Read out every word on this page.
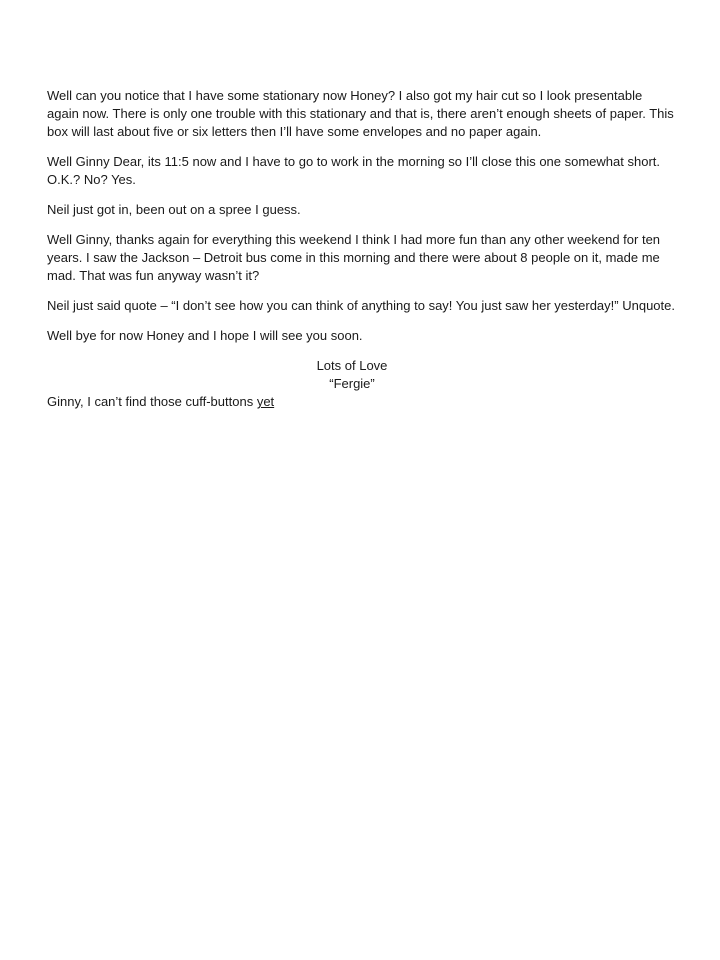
Well can you notice that I have some stationary now Honey? I also got my hair cut so I look presentable again now. There is only one trouble with this stationary and that is, there aren’t enough sheets of paper. This box will last about five or six letters then I’ll have some envelopes and no paper again.

Well Ginny Dear, its 11:5 now and I have to go to work in the morning so I’ll close this one somewhat short. O.K.? No? Yes.

Neil just got in, been out on a spree I guess.

Well Ginny, thanks again for everything this weekend I think I had more fun than any other weekend for ten years. I saw the Jackson – Detroit bus come in this morning and there were about 8 people on it, made me mad. That was fun anyway wasn’t it?

Neil just said quote – “I don’t see how you can think of anything to say! You just saw her yesterday!” Unquote.

Well bye for now Honey and I hope I will see you soon.

Lots of Love

“Fergie”

Ginny, I can’t find those cuff-buttons yet
